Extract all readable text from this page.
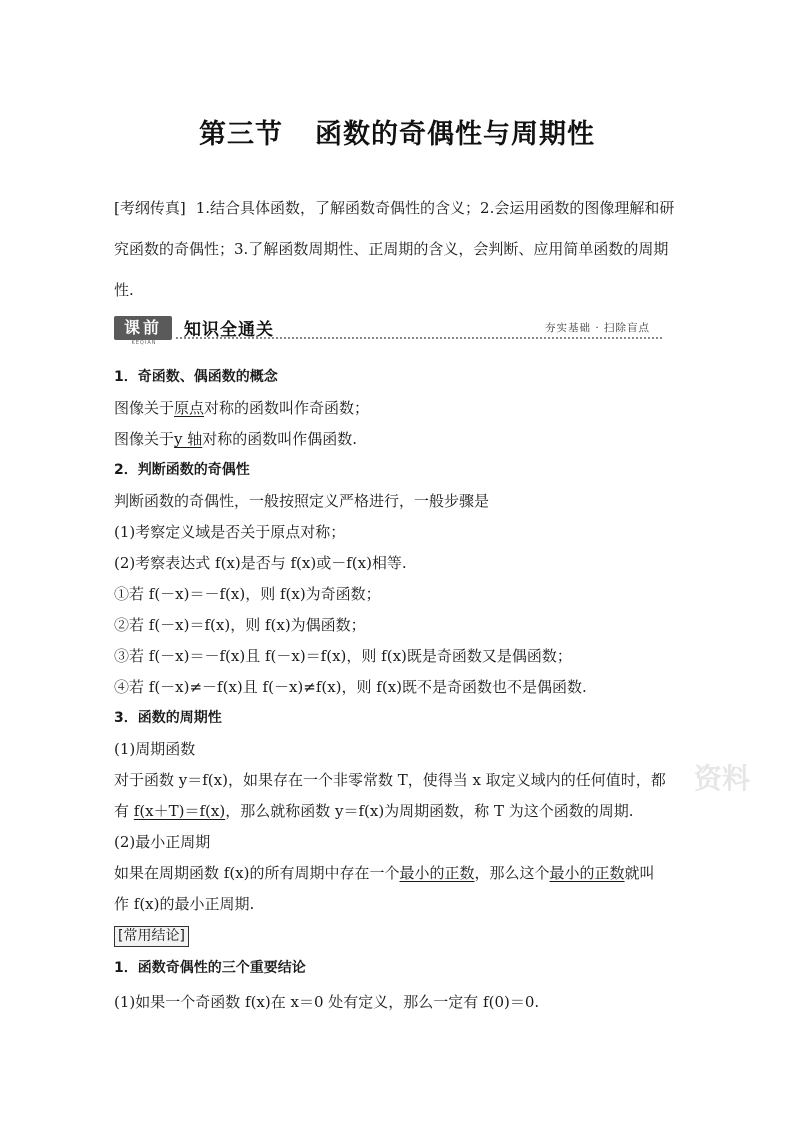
第三节 函数的奇偶性与周期性
[考纲传真] 1.结合具体函数，了解函数奇偶性的含义；2.会运用函数的图像理解和研究函数的奇偶性；3.了解函数周期性、正周期的含义，会判断、应用简单函数的周期性.
课前
KEQIAN
知识全通关	夯实基础 · 扫除盲点
1．奇函数、偶函数的概念
图像关于原点对称的函数叫作奇函数；
图像关于y 轴对称的函数叫作偶函数.
2．判断函数的奇偶性
判断函数的奇偶性，一般按照定义严格进行，一般步骤是
(1)考察定义域是否关于原点对称；
(2)考察表达式 f(x)是否与 f(x)或－f(x)相等.
①若 f(－x)＝－f(x)，则 f(x)为奇函数；
②若 f(－x)＝f(x)，则 f(x)为偶函数；
③若 f(－x)＝－f(x)且 f(－x)＝f(x)，则 f(x)既是奇函数又是偶函数；
④若 f(－x)≠－f(x)且 f(－x)≠f(x)，则 f(x)既不是奇函数也不是偶函数.
3．函数的周期性
(1)周期函数
对于函数 y＝f(x)，如果存在一个非零常数 T，使得当 x 取定义域内的任何值时，都
有 f(x＋T)＝f(x)，那么就称函数 y＝f(x)为周期函数，称 T 为这个函数的周期.
(2)最小正周期
如果在周期函数 f(x)的所有周期中存在一个最小的正数，那么这个最小的正数就叫
作 f(x)的最小正周期.
[常用结论]
1．函数奇偶性的三个重要结论
(1)如果一个奇函数 f(x)在 x＝0 处有定义，那么一定有 f(0)＝0.
资料
